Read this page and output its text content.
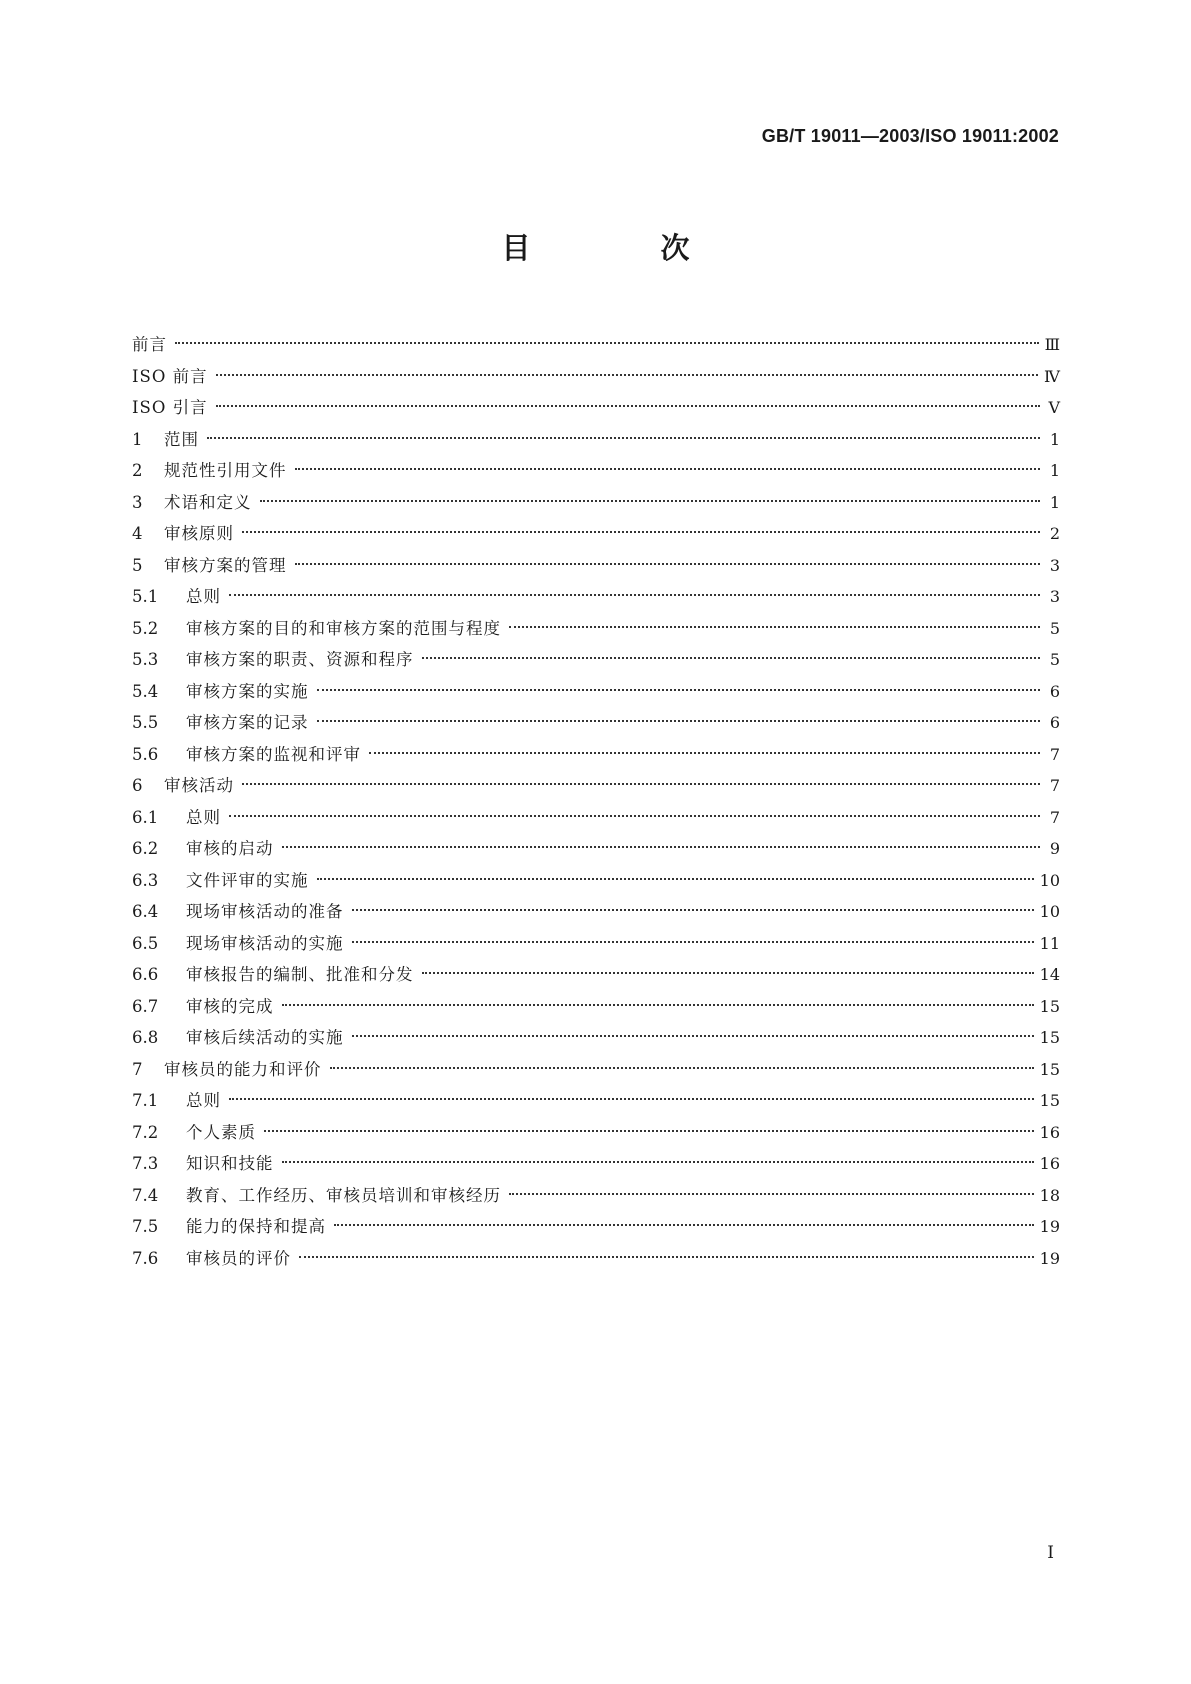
GB/T 19011—2003/ISO 19011:2002
目 次
前言	Ⅲ
ISO 前言	Ⅳ
ISO 引言	Ⅴ
1	范围	1
2	规范性引用文件	1
3	术语和定义	1
4	审核原则	2
5	审核方案的管理	3
5.1	总则	3
5.2	审核方案的目的和审核方案的范围与程度	5
5.3	审核方案的职责、资源和程序	5
5.4	审核方案的实施	6
5.5	审核方案的记录	6
5.6	审核方案的监视和评审	7
6	审核活动	7
6.1	总则	7
6.2	审核的启动	9
6.3	文件评审的实施	10
6.4	现场审核活动的准备	10
6.5	现场审核活动的实施	11
6.6	审核报告的编制、批准和分发	14
6.7	审核的完成	15
6.8	审核后续活动的实施	15
7	审核员的能力和评价	15
7.1	总则	15
7.2	个人素质	16
7.3	知识和技能	16
7.4	教育、工作经历、审核员培训和审核经历	18
7.5	能力的保持和提高	19
7.6	审核员的评价	19
I
